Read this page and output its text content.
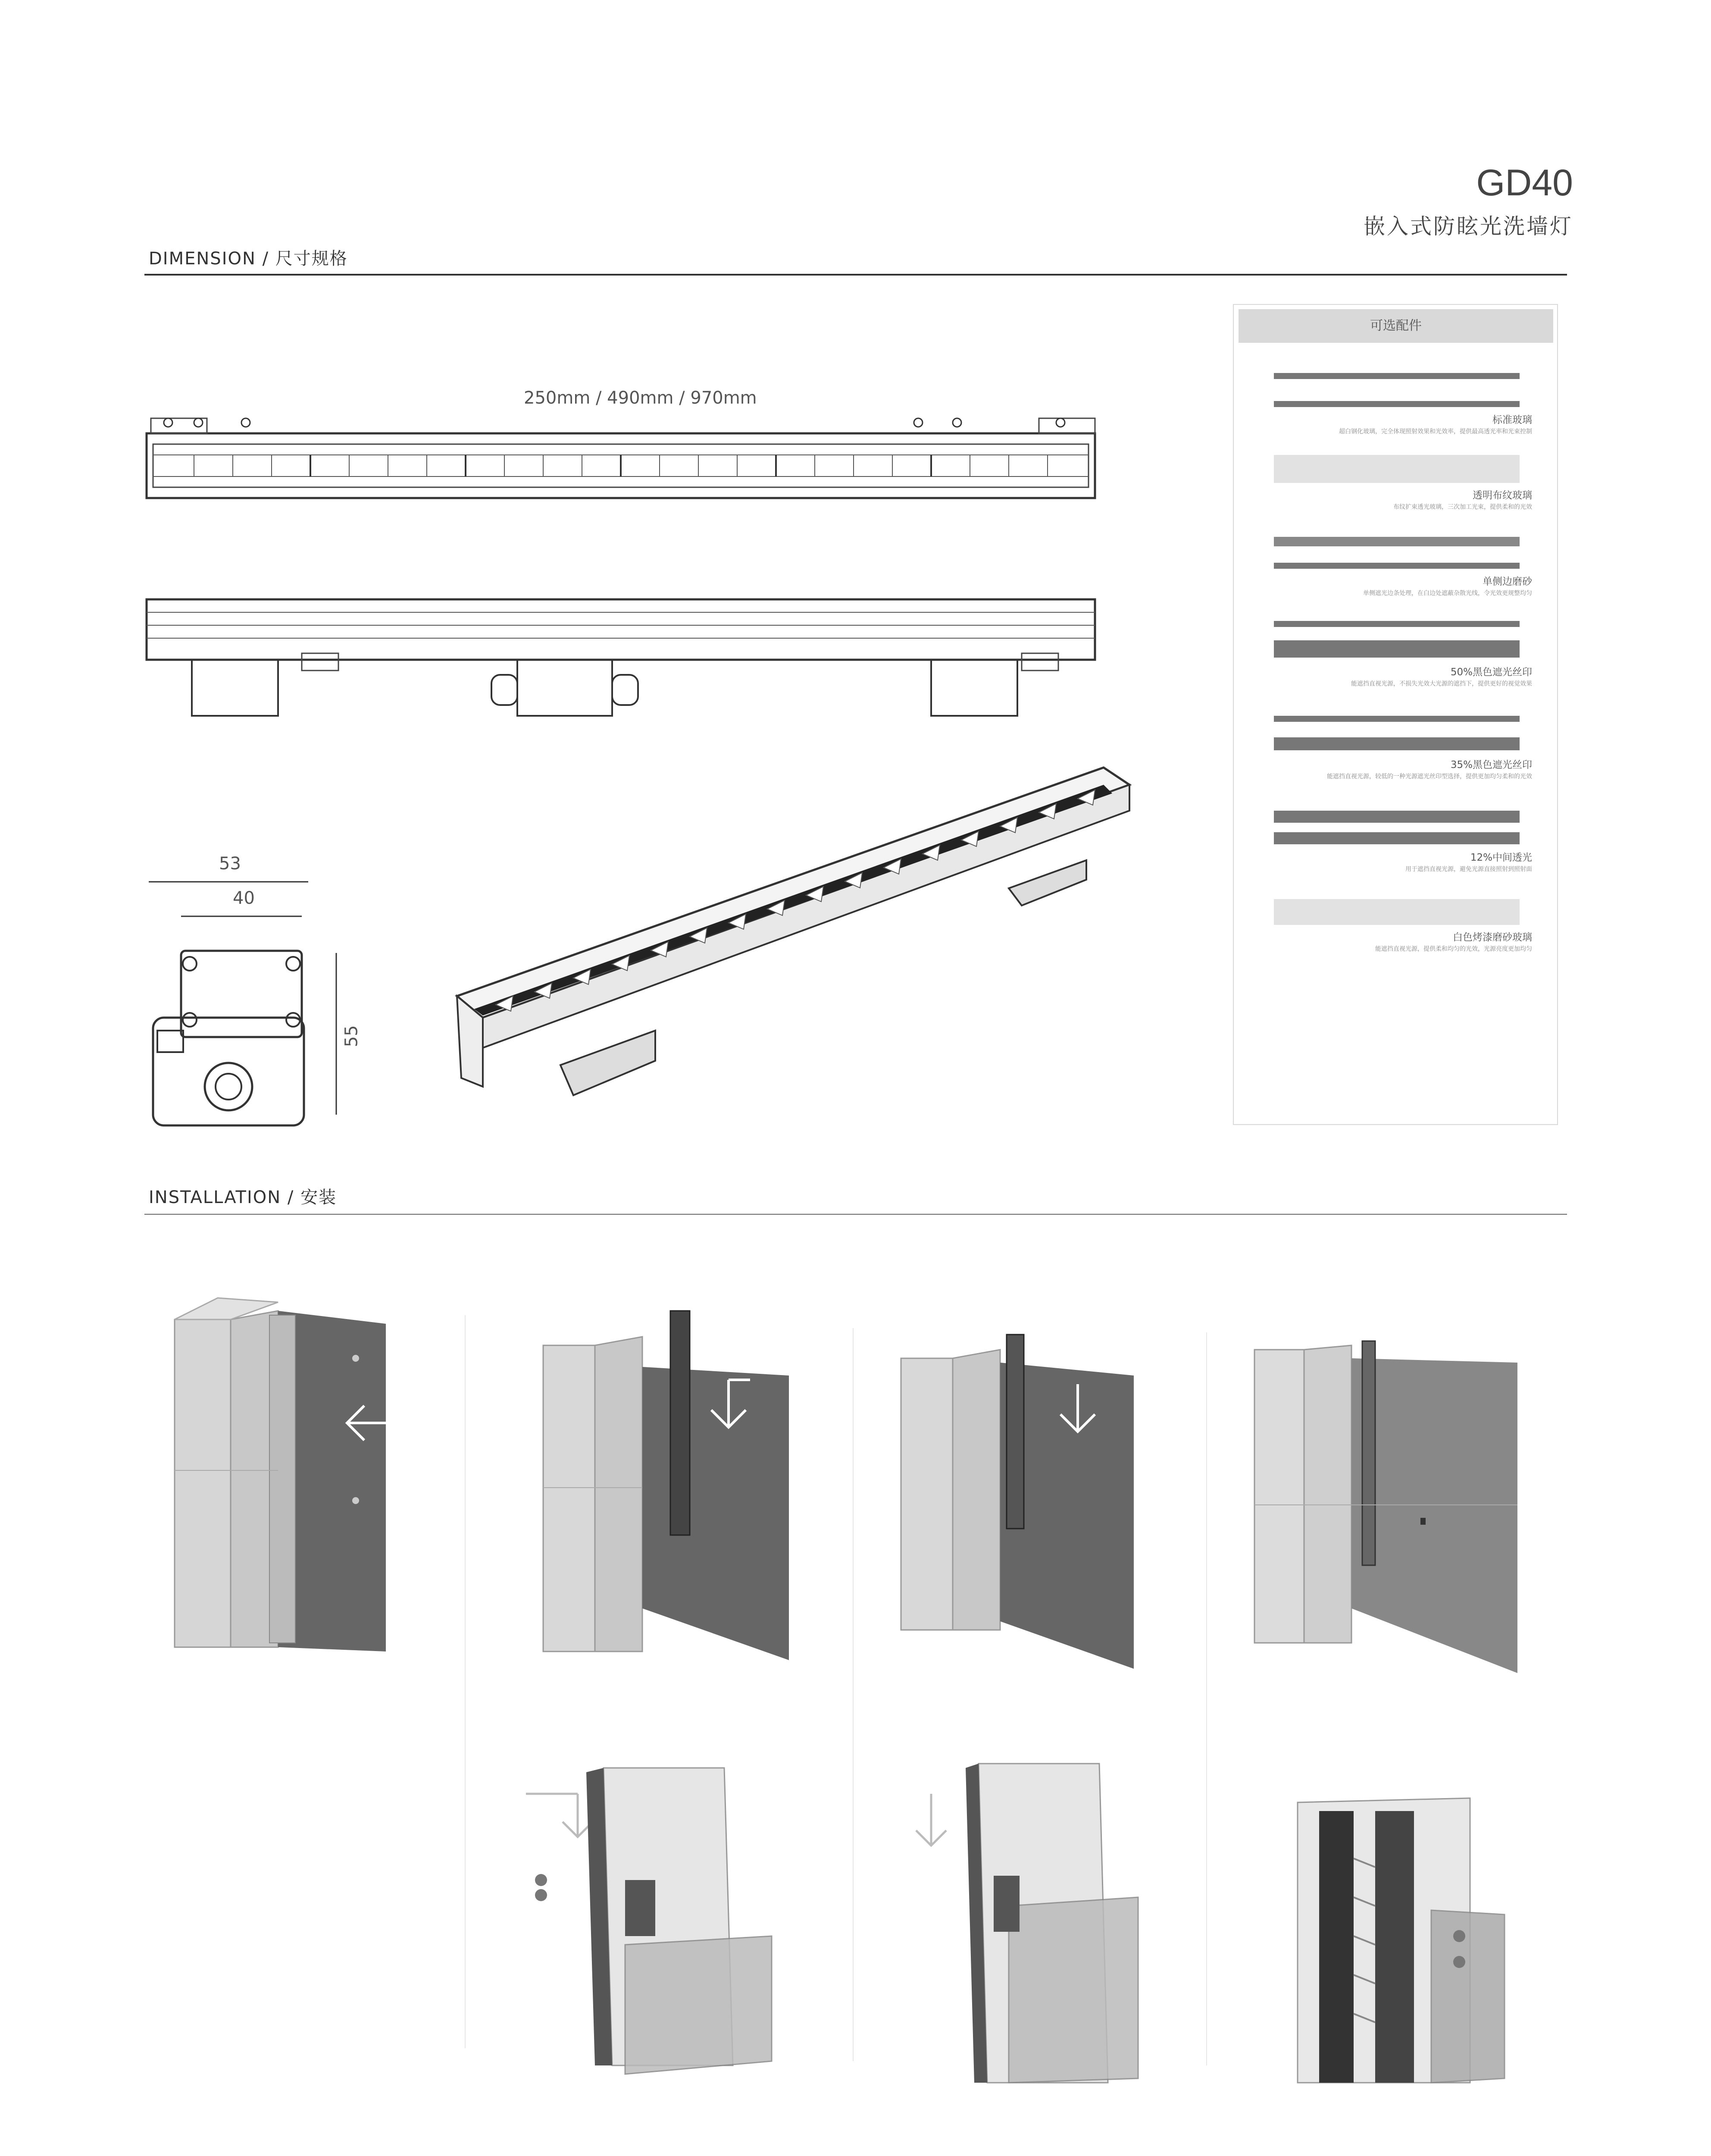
GD40
嵌入式防眩光洗墙灯
DIMENSION / 尺寸规格
250mm / 490mm / 970mm
53
40
55
可选配件
标准玻璃
超白钢化玻璃，完全体现照射效果和光效率，提供最高透光率和光束控制
透明布纹玻璃
布纹扩束透光玻璃，三次加工光束，提供柔和的光效
单侧边磨砂
单侧遮光边条处理，在白边处遮蔽杂散光线，令光效更规整均匀
50%黑色遮光丝印
能遮挡直视光源，不损失光效大光源的遮挡下，提供更好的视觉效果
35%黑色遮光丝印
能遮挡直视光源，较低的一种光源遮光丝印型选择，提供更加均匀柔和的光效
12%中间透光
用于遮挡直视光源，避免光源直接照射到照射面
白色烤漆磨砂玻璃
能遮挡直视光源，提供柔和均匀的光效，光源亮度更加均匀
INSTALLATION / 安装
